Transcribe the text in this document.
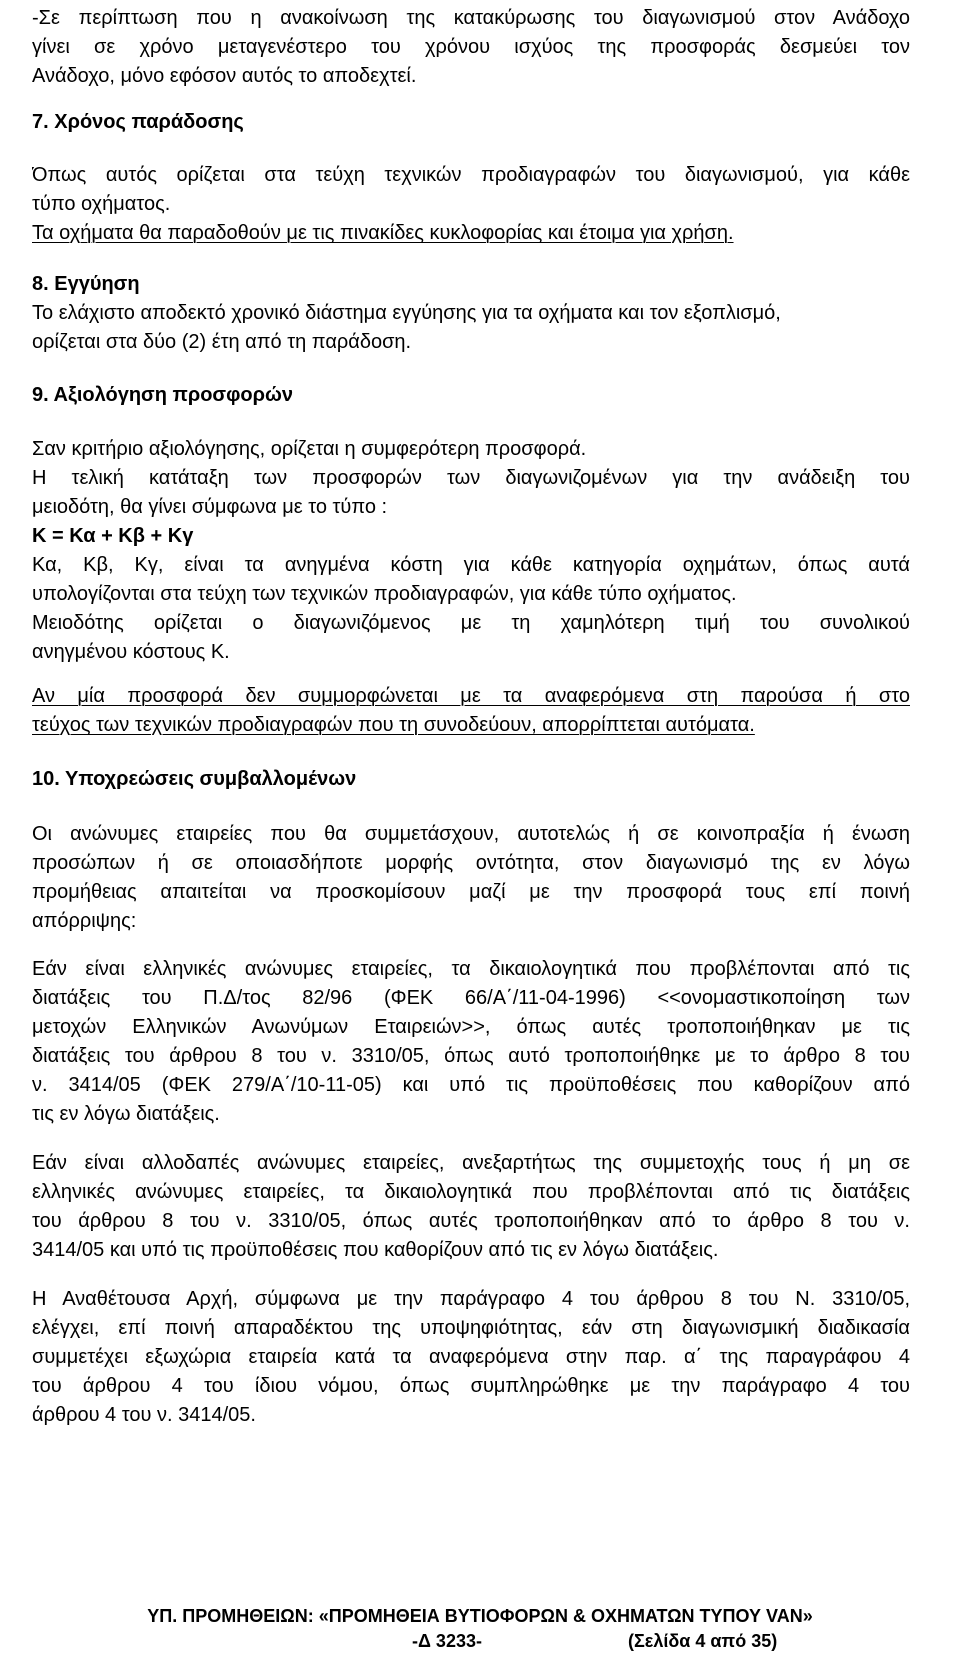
-Σε περίπτωση που η ανακοίνωση της κατακύρωσης του διαγωνισμού στον Ανάδοχο
γίνει σε χρόνο μεταγενέστερο του χρόνου ισχύος της προσφοράς δεσμεύει τον
Ανάδοχο, μόνο εφόσον αυτός το αποδεχτεί.
7. Χρόνος παράδοσης
Όπως αυτός ορίζεται στα τεύχη τεχνικών προδιαγραφών του διαγωνισμού, για κάθε
τύπο οχήματος.
Τα οχήματα θα παραδοθούν με τις πινακίδες κυκλοφορίας και έτοιμα για χρήση.
8. Εγγύηση
Το ελάχιστο αποδεκτό χρονικό διάστημα εγγύησης για τα οχήματα και τον εξοπλισμό,
ορίζεται στα δύο (2) έτη από τη παράδοση.
9. Αξιολόγηση προσφορών
Σαν κριτήριο αξιολόγησης, ορίζεται η συμφερότερη προσφορά.
Η τελική κατάταξη των προσφορών των διαγωνιζομένων για την ανάδειξη του
μειοδότη, θα γίνει σύμφωνα με το τύπο :
Κ = Κα + Κβ + Κγ
Κα, Κβ, Κγ, είναι τα ανηγμένα κόστη για κάθε κατηγορία οχημάτων, όπως αυτά
υπολογίζονται στα τεύχη των τεχνικών προδιαγραφών, για κάθε τύπο οχήματος.
Μειοδότης ορίζεται ο διαγωνιζόμενος με τη χαμηλότερη τιμή του συνολικού
ανηγμένου κόστους Κ.
Αν μία προσφορά δεν συμμορφώνεται με τα αναφερόμενα στη παρούσα ή στο
τεύχος των τεχνικών προδιαγραφών που τη συνοδεύουν, απορρίπτεται αυτόματα.
10. Υποχρεώσεις συμβαλλομένων
Οι ανώνυμες εταιρείες που θα συμμετάσχουν, αυτοτελώς ή σε κοινοπραξία ή ένωση
προσώπων ή σε οποιασδήποτε μορφής οντότητα, στον διαγωνισμό της εν λόγω
προμήθειας απαιτείται να προσκομίσουν μαζί με την προσφορά τους επί ποινή
απόρριψης:
Εάν είναι ελληνικές ανώνυμες εταιρείες, τα δικαιολογητικά που προβλέπονται από τις
διατάξεις του Π.Δ/τος 82/96 (ΦΕΚ 66/Α΄/11-04-1996) <<ονομαστικοποίηση των
μετοχών Ελληνικών Ανωνύμων Εταιρειών>>, όπως αυτές τροποποιήθηκαν με τις
διατάξεις του άρθρου 8 του ν. 3310/05, όπως αυτό τροποποιήθηκε με το άρθρο 8 του
ν. 3414/05 (ΦΕΚ 279/Α΄/10-11-05) και υπό τις προϋποθέσεις που καθορίζουν από
τις εν λόγω διατάξεις.
Εάν είναι αλλοδαπές ανώνυμες εταιρείες, ανεξαρτήτως της συμμετοχής τους ή μη σε
ελληνικές ανώνυμες εταιρείες, τα δικαιολογητικά που προβλέπονται από τις διατάξεις
του άρθρου 8 του ν. 3310/05, όπως αυτές τροποποιήθηκαν από το άρθρο 8 του ν.
3414/05 και υπό τις προϋποθέσεις που καθορίζουν από τις εν λόγω διατάξεις.
Η Αναθέτουσα Αρχή, σύμφωνα με την παράγραφο 4 του άρθρου 8 του Ν. 3310/05,
ελέγχει, επί ποινή απαραδέκτου της υποψηφιότητας, εάν στη διαγωνισμική διαδικασία
συμμετέχει εξωχώρια εταιρεία κατά τα αναφερόμενα στην παρ. α΄ της παραγράφου 4
του άρθρου 4 του ίδιου νόμου, όπως συμπληρώθηκε με την παράγραφο 4 του
άρθρου 4 του ν. 3414/05.
ΥΠ. ΠΡΟΜΗΘΕΙΩΝ: «ΠΡΟΜΗΘΕΙΑ ΒΥΤΙΟΦΟΡΩΝ & ΟΧΗΜΑΤΩΝ ΤΥΠΟΥ VAN»
-Δ 3233-	(Σελίδα 4 από 35)
